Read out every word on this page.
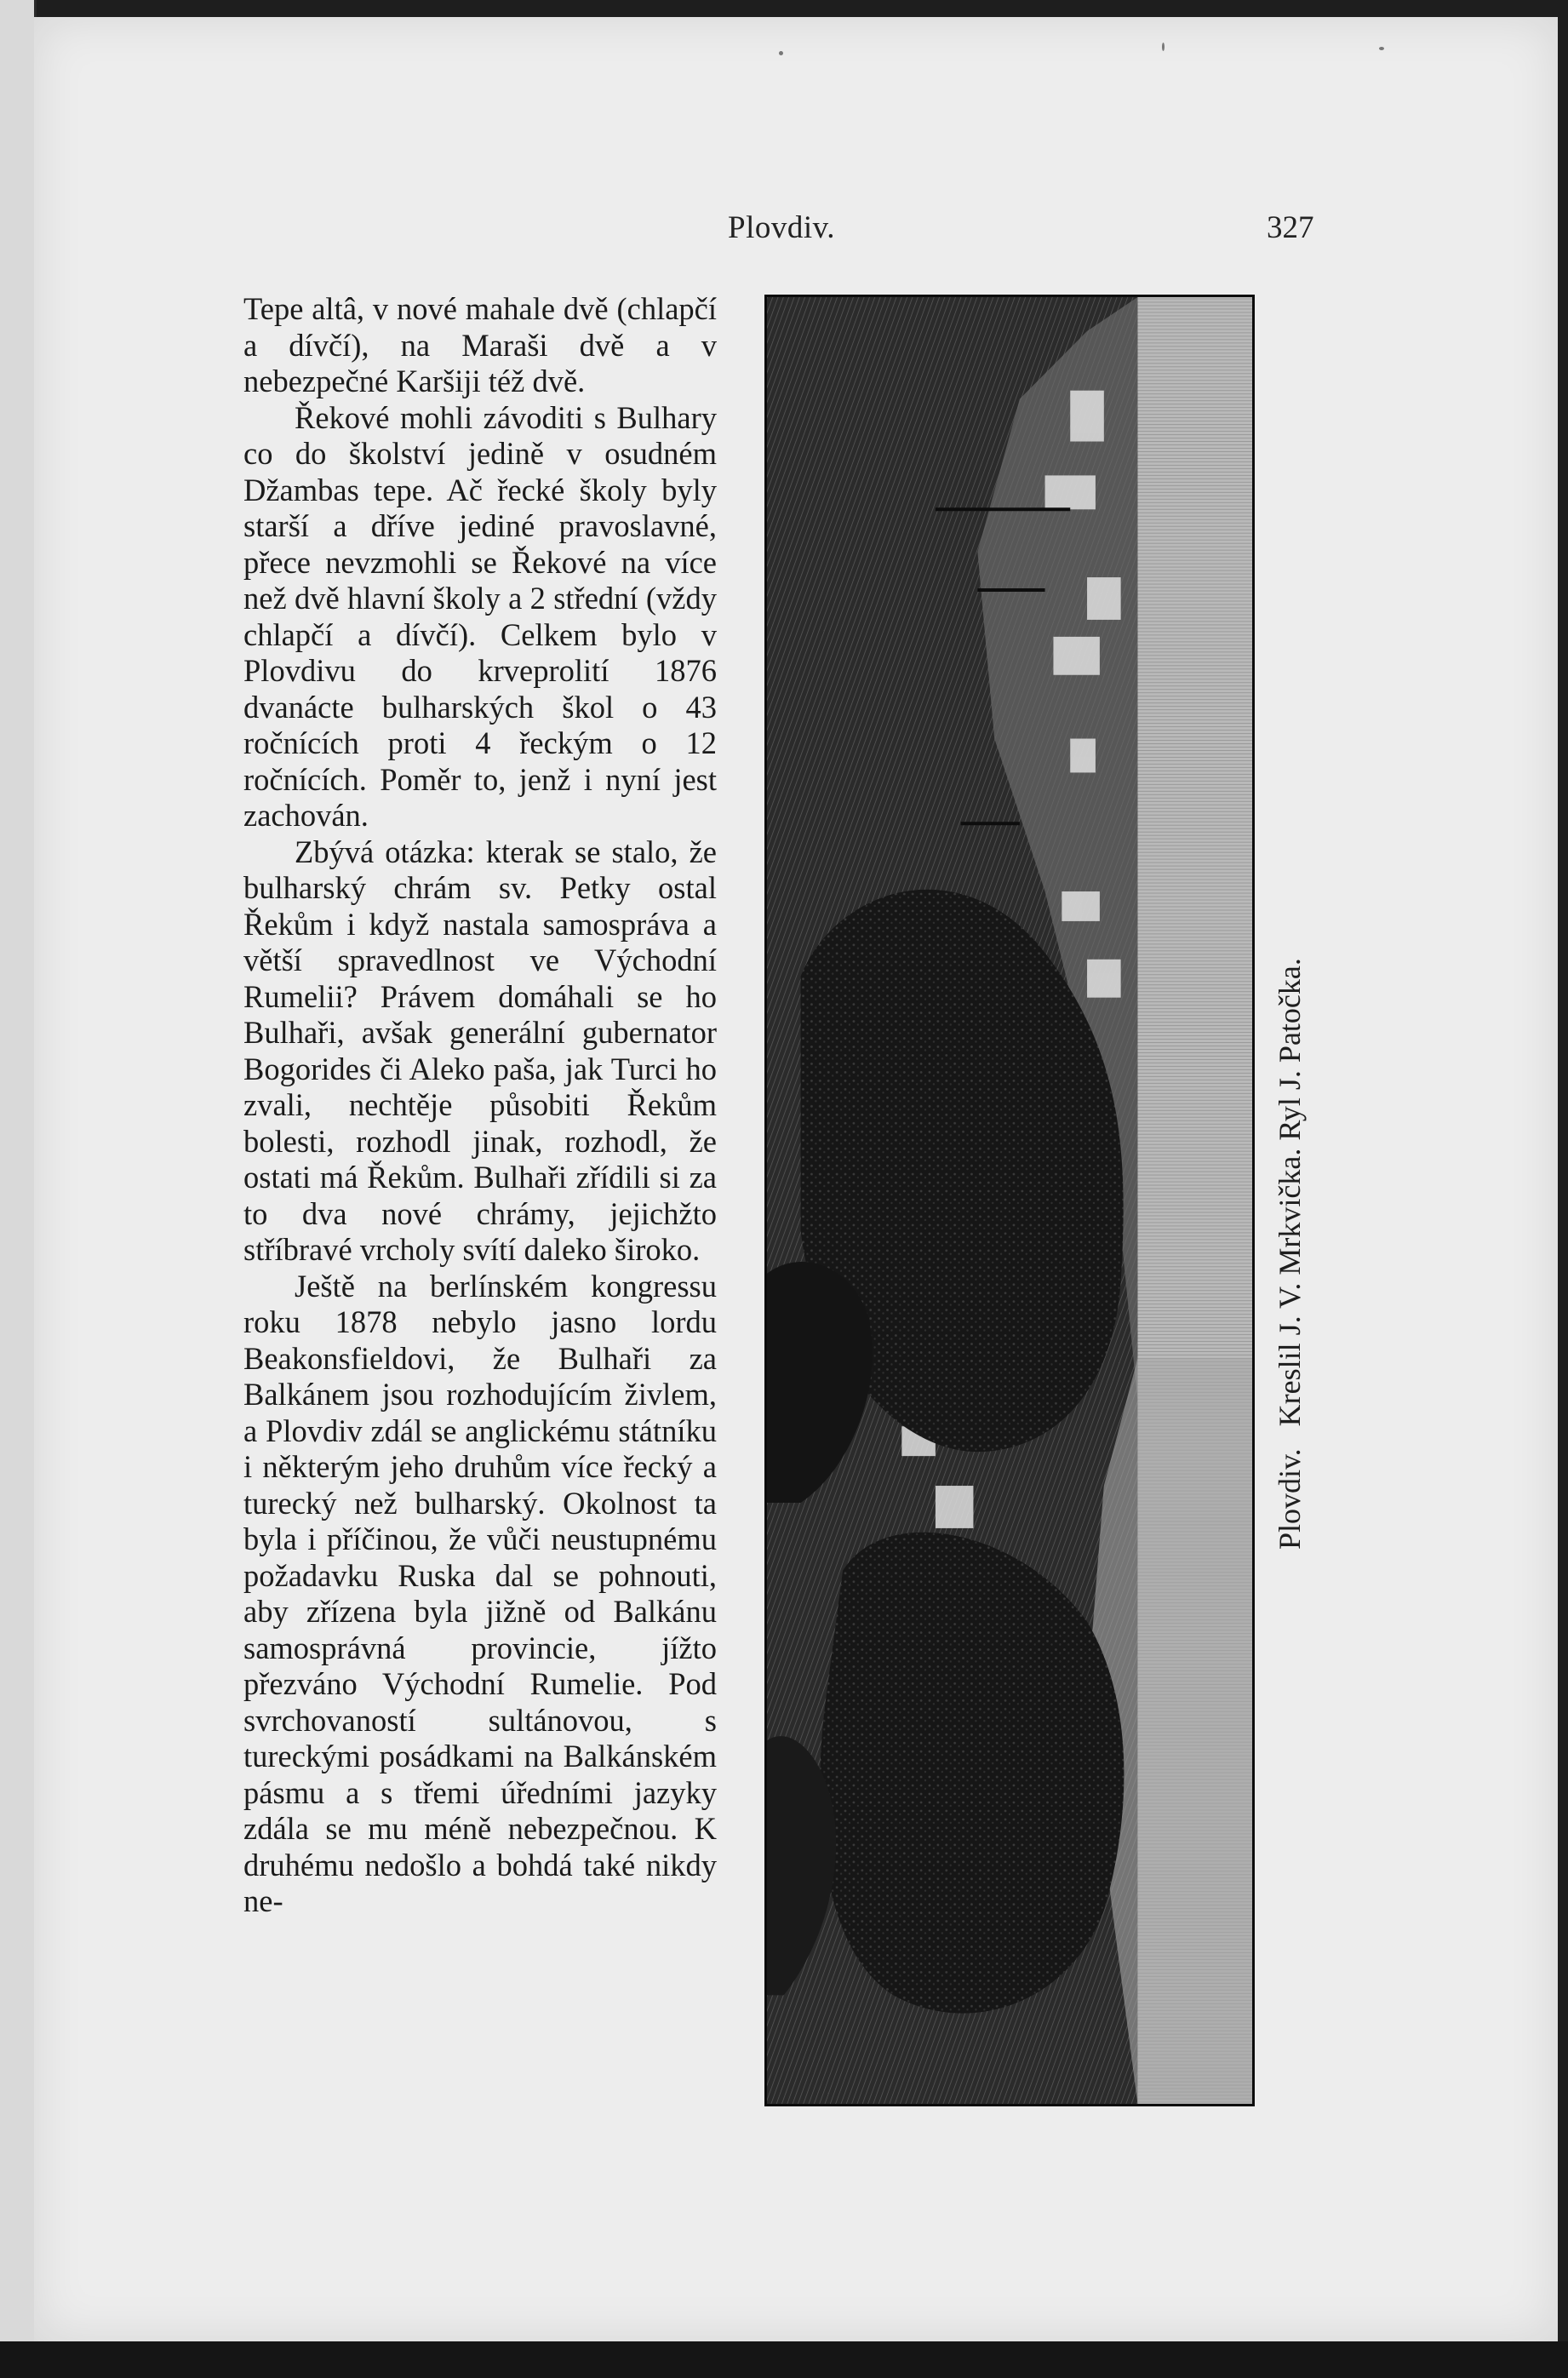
Plovdiv.	327

Tepe altâ, v nové mahale dvě (chlapčí a dívčí), na Maraši dvě a v nebezpečné Karšiji též dvě.

Řekové mohli závoditi s Bulhary co do školství jedině v osudném Džambas tepe. Ač řecké školy byly starší a dříve jediné pravoslavné, přece nevzmohli se Řekové na více než dvě hlavní školy a 2 střední (vždy chlapčí a dívčí). Celkem bylo v Plovdivu do krveprolití 1876 dvanácte bulharských škol o 43 ročnících proti 4 řeckým o 12 ročnících. Poměr to, jenž i nyní jest zachován.

Zbývá otázka: kterak se stalo, že bulharský chrám sv. Petky ostal Řekům i když nastala samospráva a větší spravedlnost ve Východní Rumelii? Právem domáhali se ho Bulhaři, avšak generální gubernator Bogorides či Aleko paša, jak Turci ho zvali, nechtěje působiti Řekům bolesti, rozhodl jinak, rozhodl, že ostati má Řekům. Bulhaři zřídili si za to dva nové chrámy, jejichžto stříbravé vrcholy svítí daleko široko.

Ještě na berlínském kongressu roku 1878 nebylo jasno lordu Beakonsfieldovi, že Bulhaři za Balkánem jsou rozhodujícím živlem, a Plovdiv zdál se anglickému státníku i některým jeho druhům více řecký a turecký než bulharský. Okolnost ta byla i příčinou, že vůči neustupnému požadavku Ruska dal se pohnouti, aby zřízena byla jižně od Balkánu samosprávná provincie, jížto přezváno Východní Rumelie. Pod svrchovaností sultánovou, s tureckými posádkami na Balkánském pásmu a s třemi úředními jazyky zdála se mu méně nebezpečnou. K druhému nedošlo a bohdá také nikdy ne-

Plovdiv.Kreslil J. V. Mrkvička. Ryl J. Patočka.
